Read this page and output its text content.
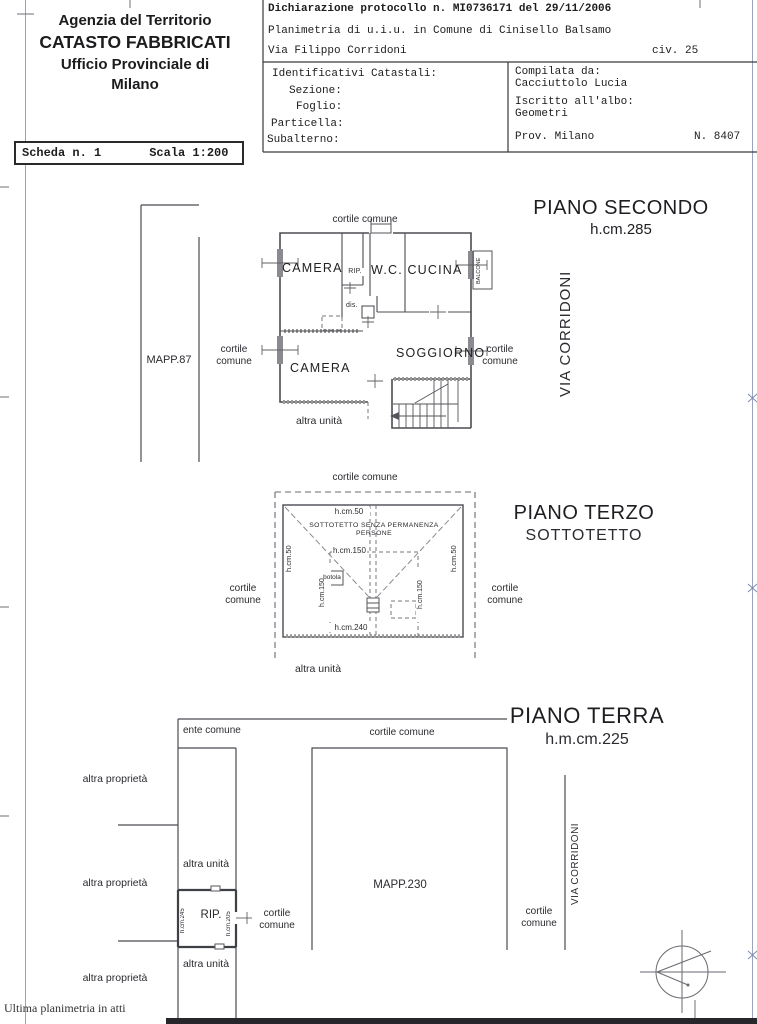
Agenzia del Territorio
CATASTO FABBRICATI
Ufficio Provinciale di
Milano
Scheda n. 1	Scala 1:200
Dichiarazione protocollo n. MI0736171 del 29/11/2006
Planimetria di u.i.u. in Comune di Cinisello Balsamo
Via Filippo Corridoni	civ. 25
Identificativi Catastali:
Sezione:
Foglio:
Particella:
Subalterno:
Compilata da:
Cacciuttolo Lucia
Iscritto all'albo:
Geometri
Prov. Milano	N. 8407
PIANO SECONDO
h.cm.285
VIA CORRIDONI
cortile comune
MAPP.87
cortile
comune
cortile
comune
CAMERA RIP. W.C. CUCINA BALCONE
SOGGIORNO
CAMERA
dis.
altra unità
PIANO TERZO
SOTTOTETTO
cortile comune
h.cm.50
SOTTOTETTO SENZA PERMANENZA PERSONE
h.cm.150
h.cm.50	h.cm.50
h.cm.150	h.cm.150
botola
h.cm.240
cortile
comune
cortile
comune
altra unità
PIANO TERRA
h.m.cm.225
ente comune	cortile comune
altra proprietà
altra proprietà
altra proprietà
altra unità
altra unità
MAPP.230
RIP.
h.cm.245	h.cm.205	cortile
comune
cortile
comune
VIA CORRIDONI
Ultima planimetria in atti
